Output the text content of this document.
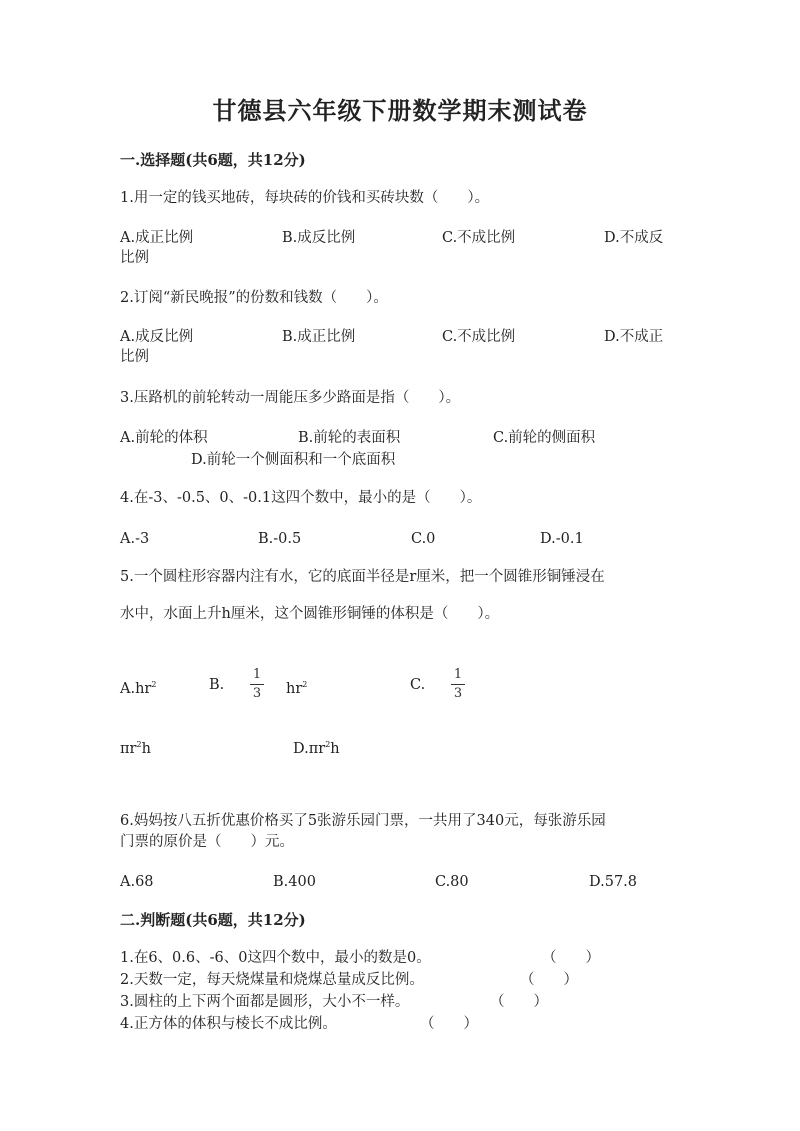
甘德县六年级下册数学期末测试卷
一.选择题(共6题，共12分)
1.用一定的钱买地砖，每块砖的价钱和买砖块数（　　）。
A.成正比例	B.成反比例	C.不成比例	D.不成反
比例
2.订阅“新民晚报”的份数和钱数（　　）。
A.成反比例	B.成正比例	C.不成比例	D.不成正
比例
3.压路机的前轮转动一周能压多少路面是指（　　）。
A.前轮的体积	B.前轮的表面积	C.前轮的侧面积
D.前轮一个侧面积和一个底面积
4.在-3、-0.5、0、-0.1这四个数中，最小的是（　　）。
A.-3	B.-0.5	C.0	D.-0.1
5.一个圆柱形容器内注有水，它的底面半径是r厘米，把一个圆锥形铜锤浸在
水中，水面上升h厘米，这个圆锥形铜锤的体积是（　　）。
$A.hr^2$	B.
1
3 $hr^2$	C.
1
3
$\pi r^2h$	$D.\pi r^2h$
6.妈妈按八五折优惠价格买了5张游乐园门票，一共用了340元，每张游乐园
门票的原价是（　　）元。
A.68	B.400	C.80	D.57.8
二.判断题(共6题，共12分)
1.在6、0.6、-6、0这四个数中，最小的数是0。	（　　）
2.天数一定，每天烧煤量和烧煤总量成反比例。	（　　）
3.圆柱的上下两个面都是圆形，大小不一样。	（　　）
4.正方体的体积与棱长不成比例。	（　　）
